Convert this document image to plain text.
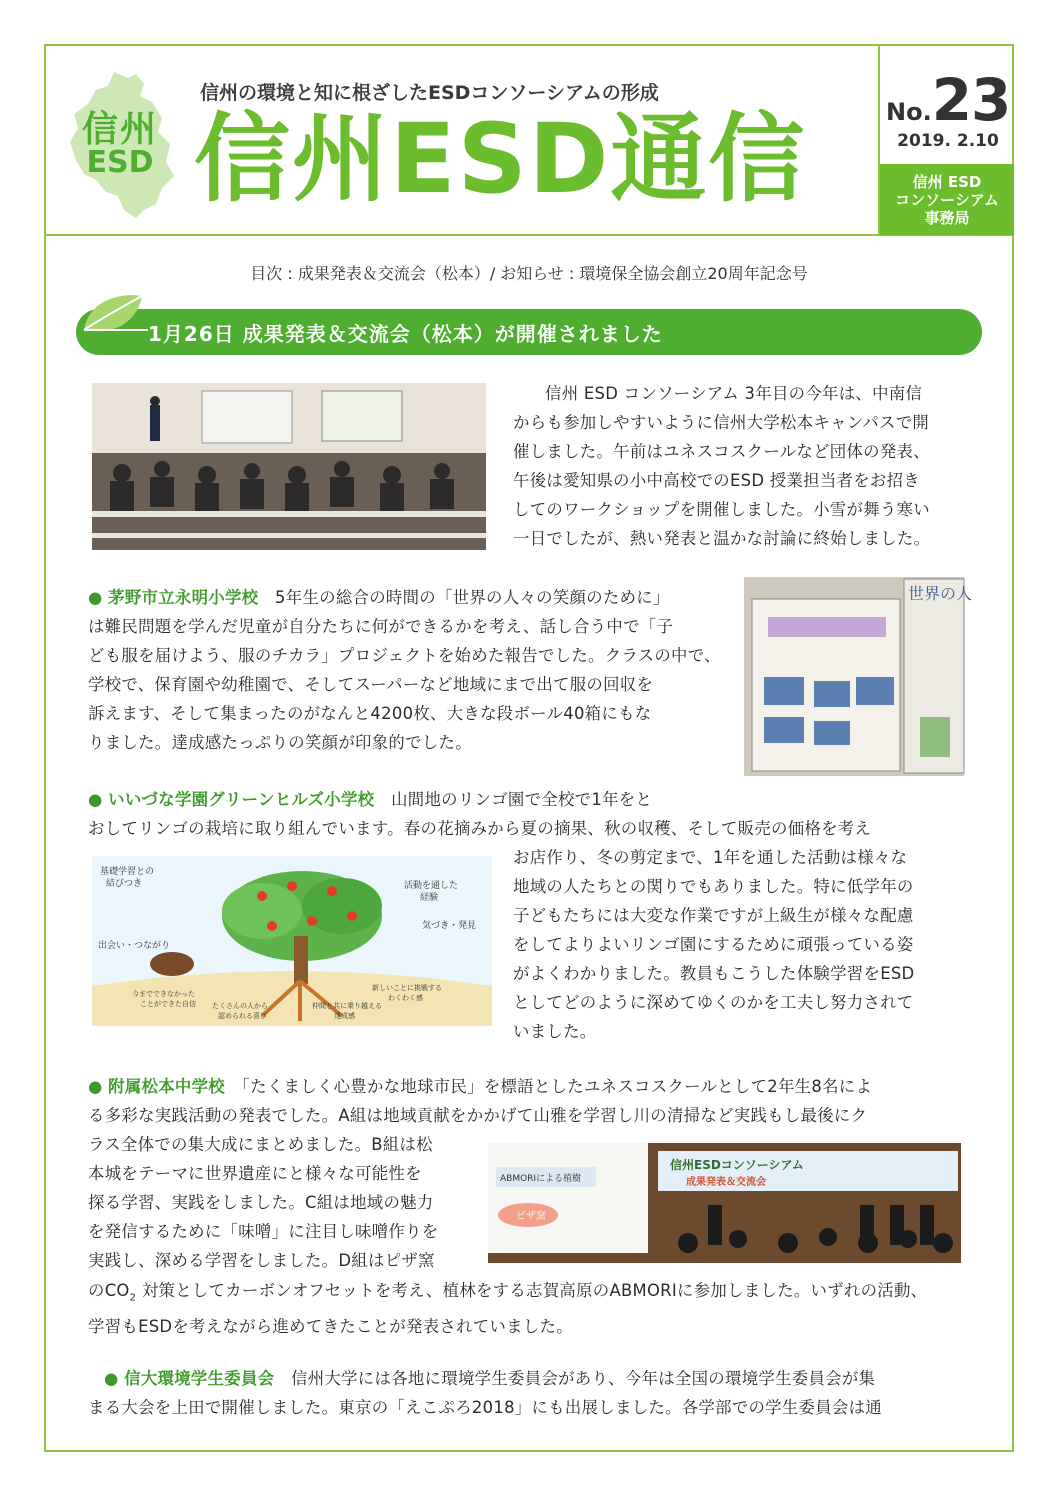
信州
ESD
信州の環境と知に根ざしたESDコンソーシアムの形成
信州ESD通信	No.23
2019. 2.10
信州 ESD
コンソーシアム
事務局
目次 : 成果発表＆交流会（松本）/ お知らせ : 環境保全協会創立20周年記念号
1月26日 成果発表＆交流会（松本）が開催されました
信州 ESD コンソーシアム 3年目の今年は、中南信
からも参加しやすいように信州大学松本キャンパスで開
催しました。午前はユネスコスクールなど団体の発表、
午後は愛知県の小中高校でのESD 授業担当者をお招き
してのワークショップを開催しました。小雪が舞う寒い
一日でしたが、熱い発表と温かな討論に終始しました。
● 茅野市立永明小学校　 5年生の総合の時間の「世界の人々の笑顔のために」
は難民問題を学んだ児童が自分たちに何ができるかを考え、話し合う中で「子
ども服を届けよう、服のチカラ」プロジェクトを始めた報告でした。クラスの中で、
学校で、保育園や幼稚園で、そしてスーパーなど地域にまで出て服の回収を
訴えます、そして集まったのがなんと4200枚、大きな段ボール40箱にもな
りました。達成感たっぷりの笑顔が印象的でした。
世界の人
● いいづな学園グリーンヒルズ小学校　 山間地のリンゴ園で全校で1年をと
おしてリンゴの栽培に取り組んでいます。春の花摘みから夏の摘果、秋の収穫、そして販売の価格を考え
基礎学習との
結びつき	活動を通した
経験
気づき・発見
出会い・つながり
今までできなかった
ことができた自信 たくさんの人から
認められる喜び
仲間と共に乗り越える
達成感
新しいことに挑戦する
わくわく感
お店作り、冬の剪定まで、1年を通した活動は様々な
地域の人たちとの関りでもありました。特に低学年の
子どもたちには大変な作業ですが上級生が様々な配慮
をしてよりよいリンゴ園にするために頑張っている姿
がよくわかりました。教員もこうした体験学習をESD
としてどのように深めてゆくのかを工夫し努力されて
いました。
● 附属松本中学校　 「たくましく心豊かな地球市民」を標語としたユネスコスクールとして2年生8名によ
る多彩な実践活動の発表でした。A組は地域貢献をかかげて山雅を学習し川の清掃など実践もし最後にク
ラス全体での集大成にまとめました。B組は松
本城をテーマに世界遺産にと様々な可能性を
探る学習、実践をしました。C組は地域の魅力
を発信するために「味噌」に注目し味噌作りを
実践し、深める学習をしました。D組はピザ窯
ABMORIによる植樹
ピザ窯
信州ESDコンソーシアム
成果発表＆交流会
の$CO_2$ 対策としてカーボンオフセットを考え、植林をする志賀高原のABMORIに参加しました。いずれの活動、
学習もESDを考えながら進めてきたことが発表されていました。
● 信大環境学生委員会　 信州大学には各地に環境学生委員会があり、今年は全国の環境学生委員会が集
まる大会を上田で開催しました。東京の「えこぷろ2018」にも出展しました。各学部での学生委員会は通
